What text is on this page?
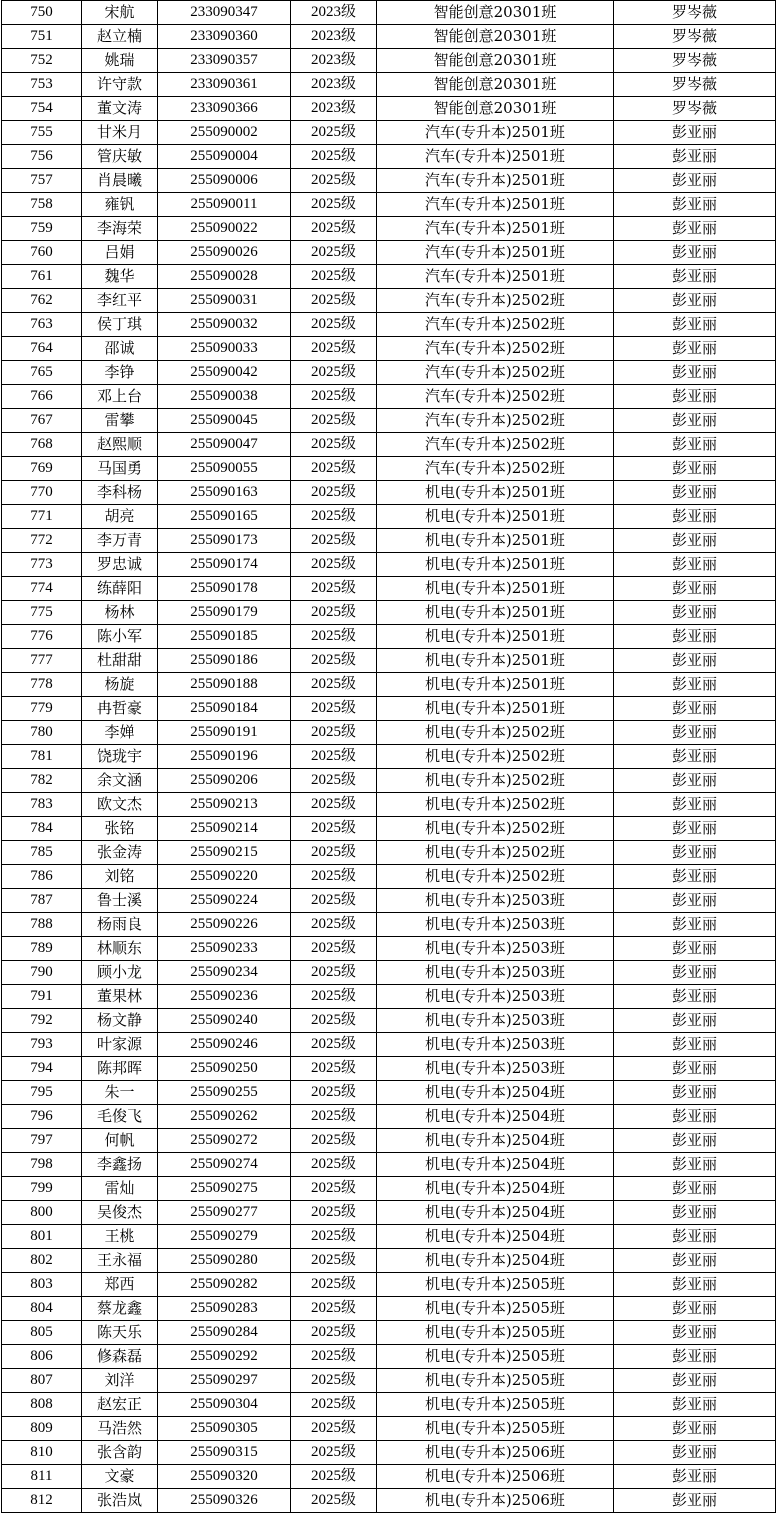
750	宋航	233090347	2023级	智能创意20301班	罗岑薇
751	赵立楠	233090360	2023级	智能创意20301班	罗岑薇
752	姚瑞	233090357	2023级	智能创意20301班	罗岑薇
753	许守款	233090361	2023级	智能创意20301班	罗岑薇
754	董文涛	233090366	2023级	智能创意20301班	罗岑薇
755	甘米月	255090002	2025级	汽车(专升本)2501班	彭亚丽
756	管庆敏	255090004	2025级	汽车(专升本)2501班	彭亚丽
757	肖晨曦	255090006	2025级	汽车(专升本)2501班	彭亚丽
758	雍钒	255090011	2025级	汽车(专升本)2501班	彭亚丽
759	李海荣	255090022	2025级	汽车(专升本)2501班	彭亚丽
760	吕娟	255090026	2025级	汽车(专升本)2501班	彭亚丽
761	魏华	255090028	2025级	汽车(专升本)2501班	彭亚丽
762	李红平	255090031	2025级	汽车(专升本)2502班	彭亚丽
763	侯丁琪	255090032	2025级	汽车(专升本)2502班	彭亚丽
764	邵诚	255090033	2025级	汽车(专升本)2502班	彭亚丽
765	李铮	255090042	2025级	汽车(专升本)2502班	彭亚丽
766	邓上台	255090038	2025级	汽车(专升本)2502班	彭亚丽
767	雷攀	255090045	2025级	汽车(专升本)2502班	彭亚丽
768	赵熙顺	255090047	2025级	汽车(专升本)2502班	彭亚丽
769	马国勇	255090055	2025级	汽车(专升本)2502班	彭亚丽
770	李科杨	255090163	2025级	机电(专升本)2501班	彭亚丽
771	胡亮	255090165	2025级	机电(专升本)2501班	彭亚丽
772	李万青	255090173	2025级	机电(专升本)2501班	彭亚丽
773	罗忠诚	255090174	2025级	机电(专升本)2501班	彭亚丽
774	练薛阳	255090178	2025级	机电(专升本)2501班	彭亚丽
775	杨林	255090179	2025级	机电(专升本)2501班	彭亚丽
776	陈小军	255090185	2025级	机电(专升本)2501班	彭亚丽
777	杜甜甜	255090186	2025级	机电(专升本)2501班	彭亚丽
778	杨旋	255090188	2025级	机电(专升本)2501班	彭亚丽
779	冉哲豪	255090184	2025级	机电(专升本)2501班	彭亚丽
780	李婵	255090191	2025级	机电(专升本)2502班	彭亚丽
781	饶珑宇	255090196	2025级	机电(专升本)2502班	彭亚丽
782	余文涵	255090206	2025级	机电(专升本)2502班	彭亚丽
783	欧文杰	255090213	2025级	机电(专升本)2502班	彭亚丽
784	张铭	255090214	2025级	机电(专升本)2502班	彭亚丽
785	张金涛	255090215	2025级	机电(专升本)2502班	彭亚丽
786	刘铭	255090220	2025级	机电(专升本)2502班	彭亚丽
787	鲁士溪	255090224	2025级	机电(专升本)2503班	彭亚丽
788	杨雨良	255090226	2025级	机电(专升本)2503班	彭亚丽
789	林顺东	255090233	2025级	机电(专升本)2503班	彭亚丽
790	顾小龙	255090234	2025级	机电(专升本)2503班	彭亚丽
791	董果林	255090236	2025级	机电(专升本)2503班	彭亚丽
792	杨文静	255090240	2025级	机电(专升本)2503班	彭亚丽
793	叶家源	255090246	2025级	机电(专升本)2503班	彭亚丽
794	陈邦晖	255090250	2025级	机电(专升本)2503班	彭亚丽
795	朱一	255090255	2025级	机电(专升本)2504班	彭亚丽
796	毛俊飞	255090262	2025级	机电(专升本)2504班	彭亚丽
797	何帆	255090272	2025级	机电(专升本)2504班	彭亚丽
798	李鑫扬	255090274	2025级	机电(专升本)2504班	彭亚丽
799	雷灿	255090275	2025级	机电(专升本)2504班	彭亚丽
800	吴俊杰	255090277	2025级	机电(专升本)2504班	彭亚丽
801	王桃	255090279	2025级	机电(专升本)2504班	彭亚丽
802	王永福	255090280	2025级	机电(专升本)2504班	彭亚丽
803	郑西	255090282	2025级	机电(专升本)2505班	彭亚丽
804	蔡龙鑫	255090283	2025级	机电(专升本)2505班	彭亚丽
805	陈天乐	255090284	2025级	机电(专升本)2505班	彭亚丽
806	修森磊	255090292	2025级	机电(专升本)2505班	彭亚丽
807	刘洋	255090297	2025级	机电(专升本)2505班	彭亚丽
808	赵宏正	255090304	2025级	机电(专升本)2505班	彭亚丽
809	马浩然	255090305	2025级	机电(专升本)2505班	彭亚丽
810	张含韵	255090315	2025级	机电(专升本)2506班	彭亚丽
811	文豪	255090320	2025级	机电(专升本)2506班	彭亚丽
812	张浩岚	255090326	2025级	机电(专升本)2506班	彭亚丽
